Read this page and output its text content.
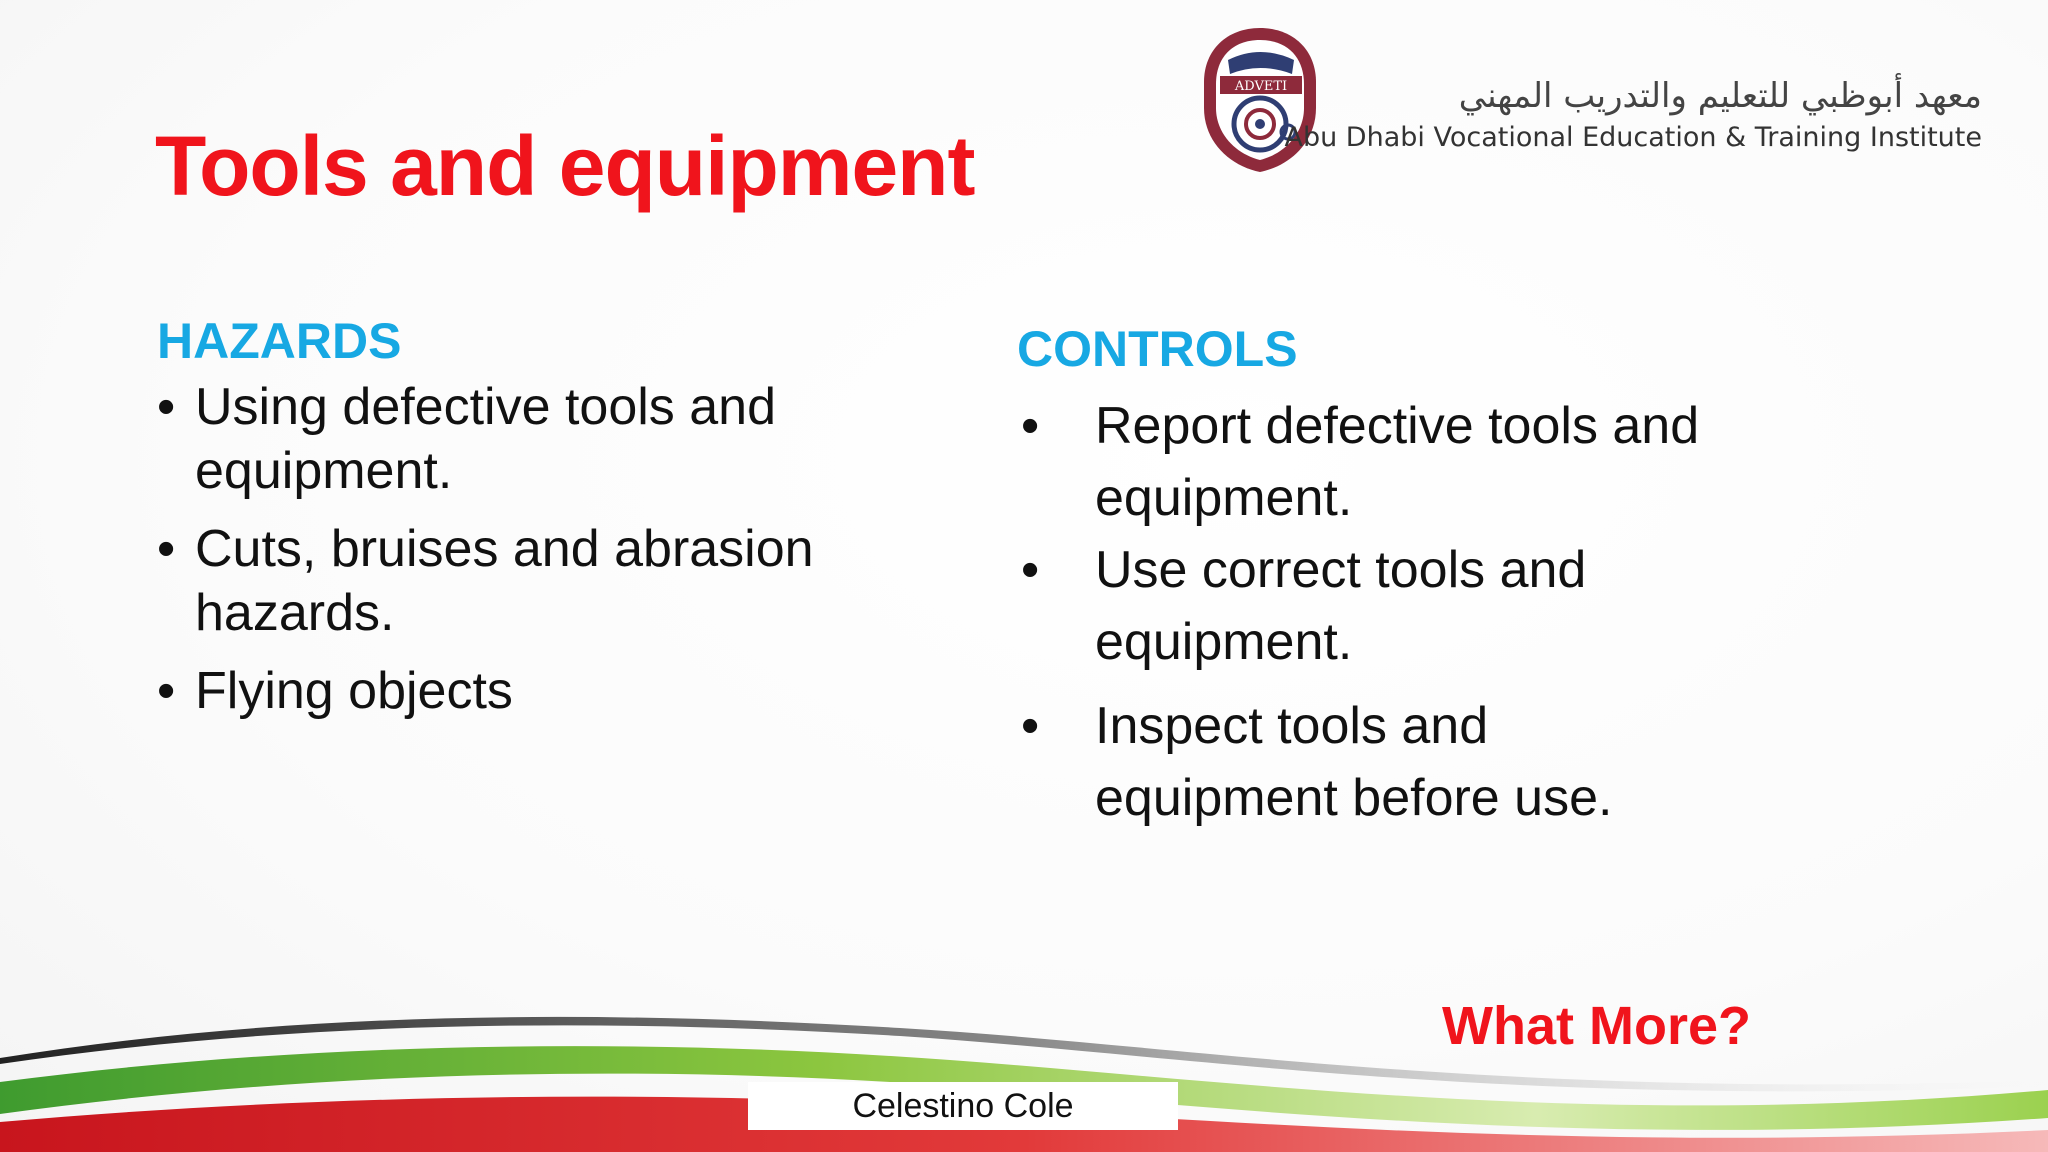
Tools and equipment
ADVETI	معهد أبوظبي للتعليم والتدريب المهني
Abu Dhabi Vocational Education & Training Institute
HAZARDS
• Using defective tools and
equipment.
• Cuts, bruises and abrasion
hazards.
• Flying objects
CONTROLS
• Report defective tools and
equipment.
• Use correct tools and
equipment.
• Inspect tools and
equipment before use.
What More?
Celestino Cole
